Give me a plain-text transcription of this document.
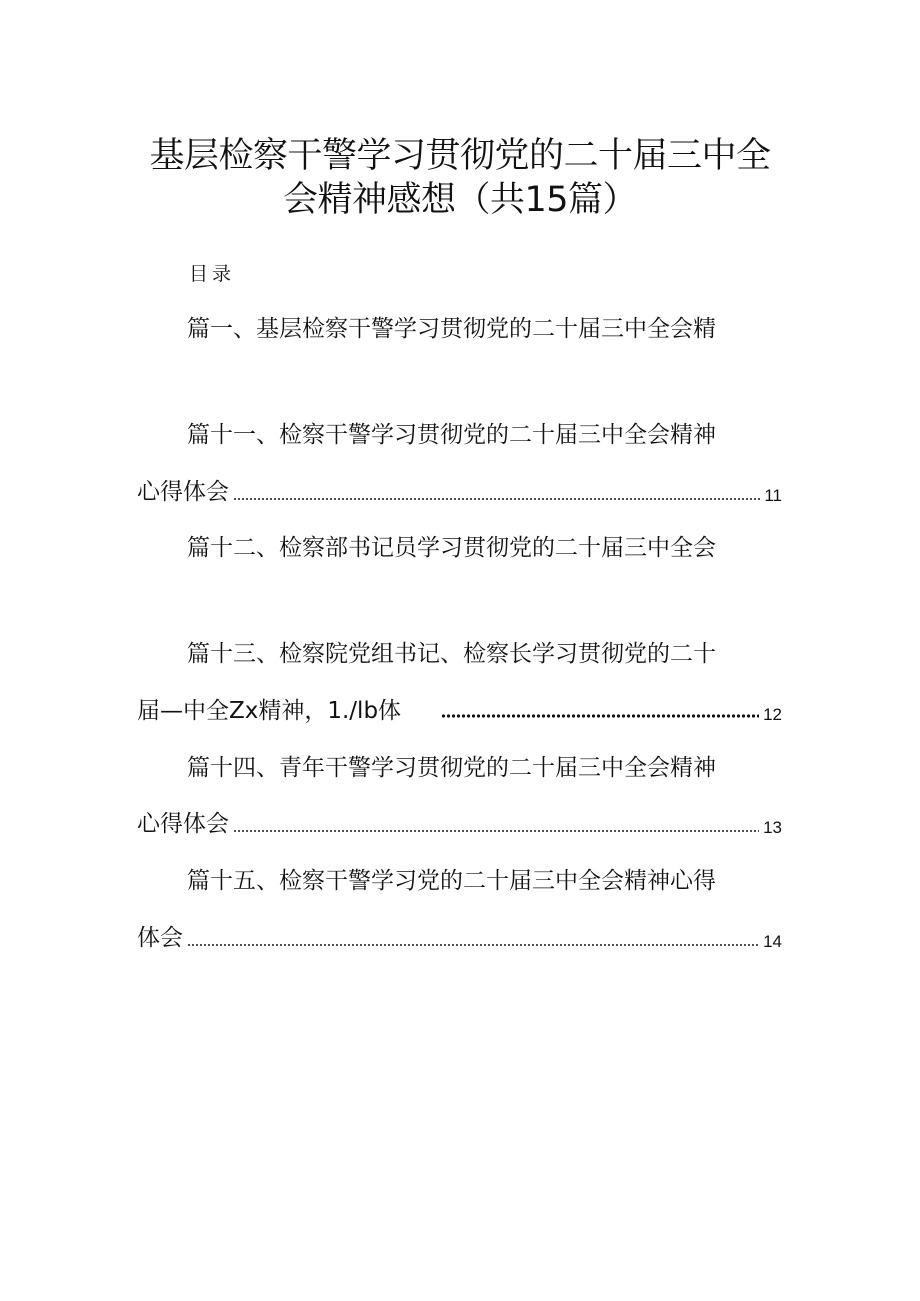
基层检察干警学习贯彻党的二十届三中全
会精神感想（共15篇）
目录
篇一、基层检察干警学习贯彻党的二十届三中全会精
篇十一、检察干警学习贯彻党的二十届三中全会精神
心得体会	11
篇十二、检察部书记员学习贯彻党的二十届三中全会
篇十三、检察院党组书记、检察长学习贯彻党的二十
届—中全Zx精神，1./lb体	12
篇十四、青年干警学习贯彻党的二十届三中全会精神
心得体会	13
篇十五、检察干警学习党的二十届三中全会精神心得
体会	14
